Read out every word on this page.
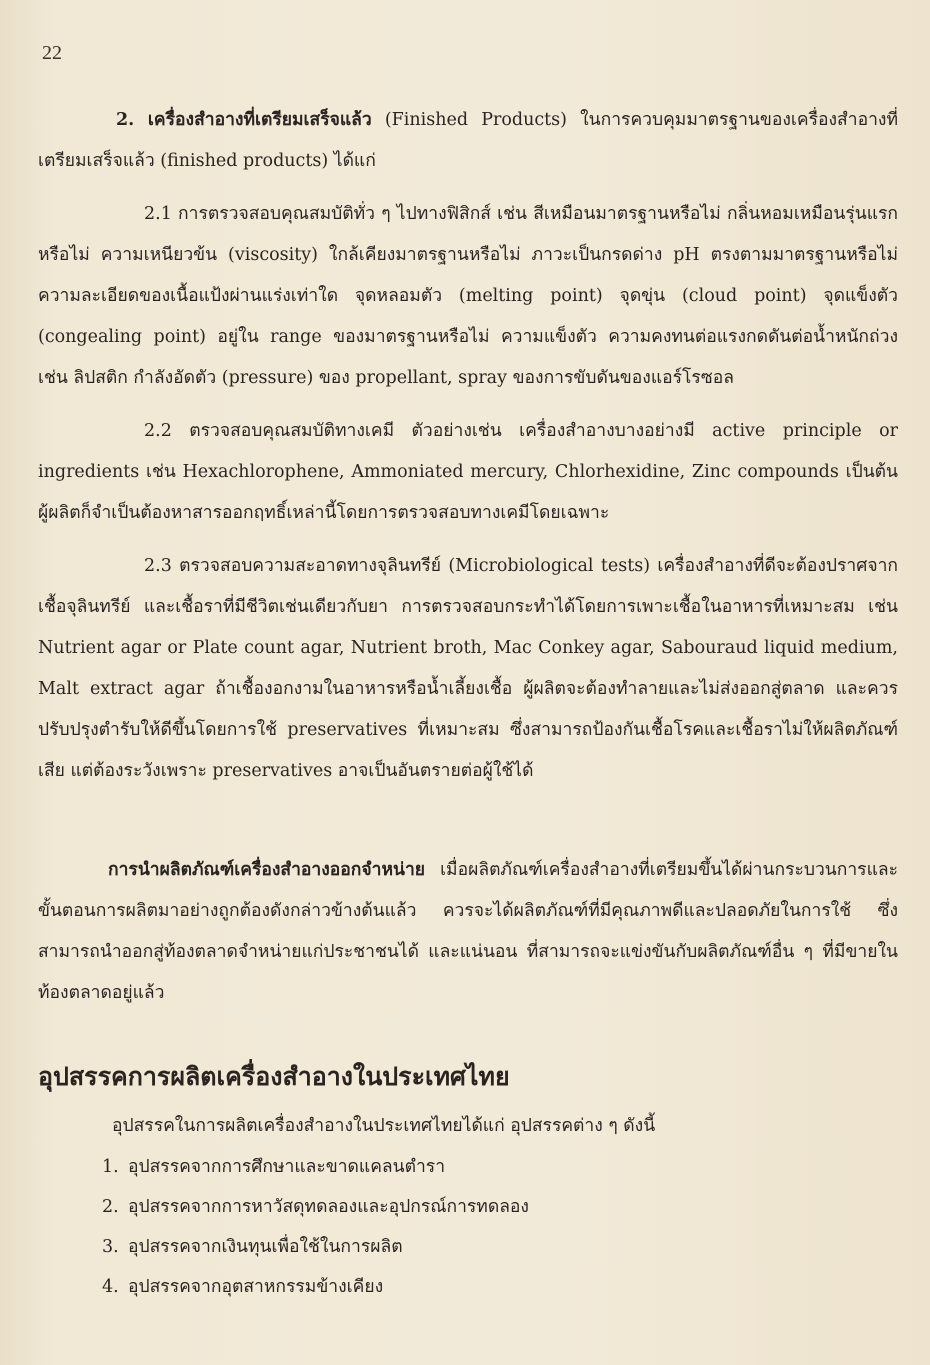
22

2. เครื่องสำอางที่เตรียมเสร็จแล้ว (Finished Products) ในการควบคุมมาตรฐานของเครื่องสำอางที่เตรียมเสร็จแล้ว (finished products) ได้แก่

2.1 การตรวจสอบคุณสมบัติทั่ว ๆ ไปทางฟิสิกส์ เช่น สีเหมือนมาตรฐานหรือไม่ กลิ่นหอมเหมือนรุ่นแรกหรือไม่ ความเหนียวข้น (viscosity) ใกล้เคียงมาตรฐานหรือไม่ ภาวะเป็นกรดด่าง pH ตรงตามมาตรฐานหรือไม่ ความละเอียดของเนื้อแป้งผ่านแร่งเท่าใด จุดหลอมตัว (melting point) จุดขุ่น (cloud point) จุดแข็งตัว (congealing point) อยู่ใน range ของมาตรฐานหรือไม่ ความแข็งตัว ความคงทนต่อแรงกดดันต่อน้ำหนักถ่วง เช่น ลิปสติก กำลังอัดตัว (pressure) ของ propellant, spray ของการขับดันของแอร์โรซอล

2.2 ตรวจสอบคุณสมบัติทางเคมี ตัวอย่างเช่น เครื่องสำอางบางอย่างมี active principle or ingredients เช่น Hexachlorophene, Ammoniated mercury, Chlorhexidine, Zinc compounds เป็นต้น ผู้ผลิตก็จำเป็นต้องหาสารออกฤทธิ์เหล่านี้โดยการตรวจสอบทางเคมีโดยเฉพาะ

2.3 ตรวจสอบความสะอาดทางจุลินทรีย์ (Microbiological tests) เครื่องสำอางที่ดีจะต้องปราศจากเชื้อจุลินทรีย์ และเชื้อราที่มีชีวิตเช่นเดียวกับยา การตรวจสอบกระทำได้โดยการเพาะเชื้อในอาหารที่เหมาะสม เช่น Nutrient agar or Plate count agar, Nutrient broth, Mac Conkey agar, Sabouraud liquid medium, Malt extract agar ถ้าเชื้องอกงามในอาหารหรือน้ำเลี้ยงเชื้อ ผู้ผลิตจะต้องทำลายและไม่ส่งออกสู่ตลาด และควรปรับปรุงตำรับให้ดีขึ้นโดยการใช้ preservatives ที่เหมาะสม ซึ่งสามารถป้องกันเชื้อโรคและเชื้อราไม่ให้ผลิตภัณฑ์เสีย แต่ต้องระวังเพราะ preservatives อาจเป็นอันตรายต่อผู้ใช้ได้

การนำผลิตภัณฑ์เครื่องสำอางออกจำหน่าย เมื่อผลิตภัณฑ์เครื่องสำอางที่เตรียมขึ้นได้ผ่านกระบวนการและขั้นตอนการผลิตมาอย่างถูกต้องดังกล่าวข้างต้นแล้ว ควรจะได้ผลิตภัณฑ์ที่มีคุณภาพดีและปลอดภัยในการใช้ ซึ่งสามารถนำออกสู่ท้องตลาดจำหน่ายแก่ประชาชนได้ และแน่นอน ที่สามารถจะแข่งขันกับผลิตภัณฑ์อื่น ๆ ที่มีขายในท้องตลาดอยู่แล้ว

อุปสรรคการผลิตเครื่องสำอางในประเทศไทย

อุปสรรคในการผลิตเครื่องสำอางในประเทศไทยได้แก่ อุปสรรคต่าง ๆ ดังนี้

1. อุปสรรคจากการศึกษาและขาดแคลนตำรา
2. อุปสรรคจากการหาวัสดุทดลองและอุปกรณ์การทดลอง
3. อุปสรรคจากเงินทุนเพื่อใช้ในการผลิต
4. อุปสรรคจากอุตสาหกรรมข้างเคียง
